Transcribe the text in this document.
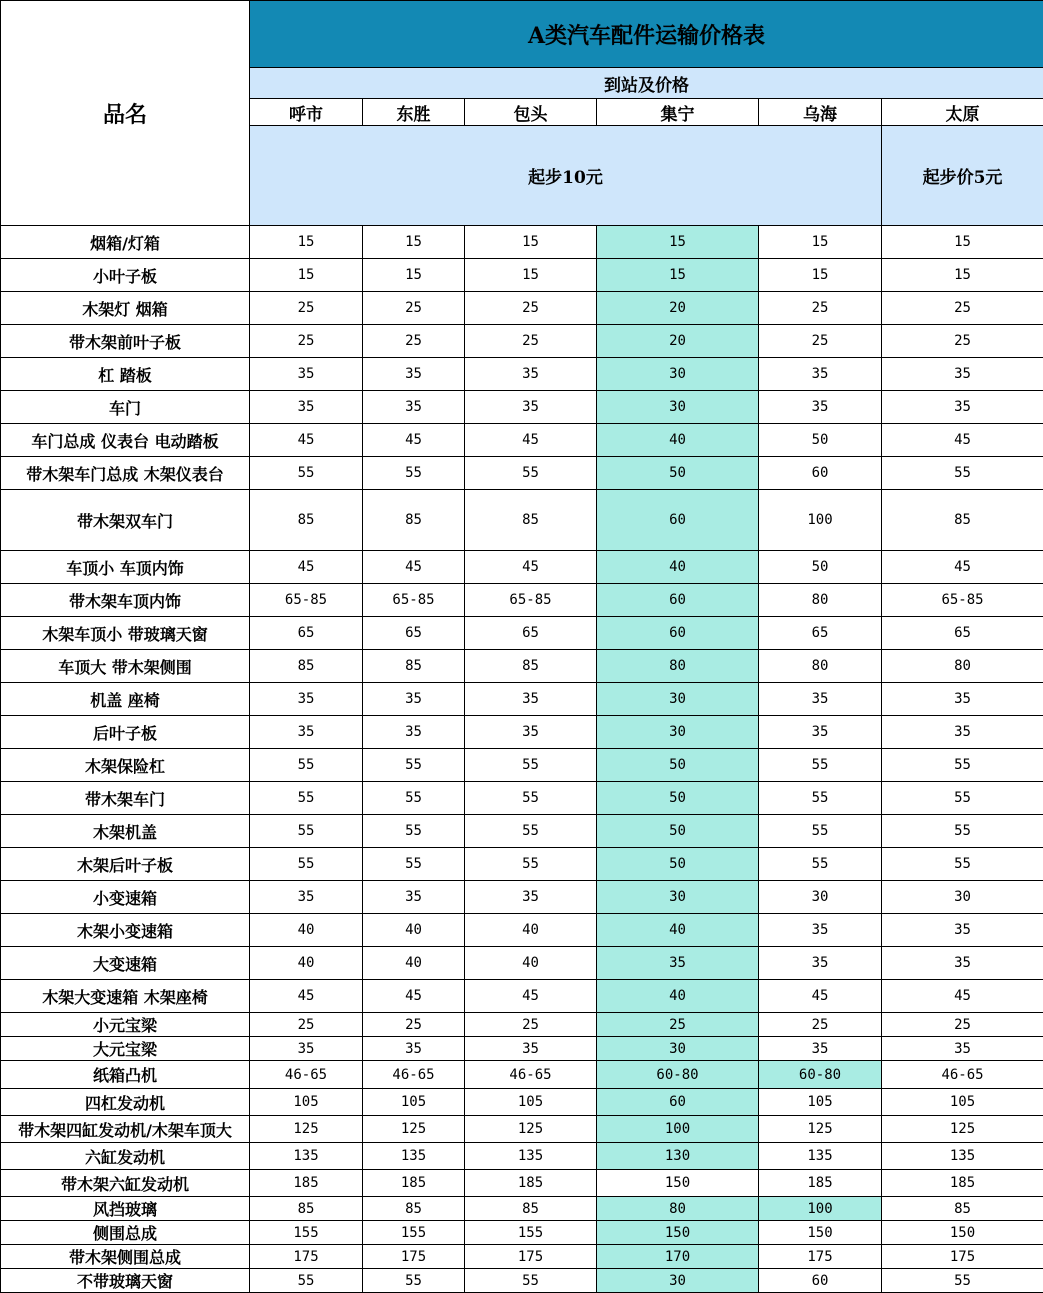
品名	A类汽车配件运输价格表					
	到站及价格					
	呼市	东胜	包头	集宁	乌海	太原
	起步10元					起步价5元
烟箱/灯箱	15	15	15	15	15	15
小叶子板	15	15	15	15	15	15
木架灯 烟箱	25	25	25	20	25	25
带木架前叶子板	25	25	25	20	25	25
杠 踏板	35	35	35	30	35	35
车门	35	35	35	30	35	35
车门总成 仪表台 电动踏板	45	45	45	40	50	45
带木架车门总成 木架仪表台	55	55	55	50	60	55
带木架双车门	85	85	85	60	100	85
车顶小 车顶内饰	45	45	45	40	50	45
带木架车顶内饰	65-85	65-85	65-85	60	80	65-85
木架车顶小 带玻璃天窗	65	65	65	60	65	65
车顶大 带木架侧围	85	85	85	80	80	80
机盖 座椅	35	35	35	30	35	35
后叶子板	35	35	35	30	35	35
木架保险杠	55	55	55	50	55	55
带木架车门	55	55	55	50	55	55
木架机盖	55	55	55	50	55	55
木架后叶子板	55	55	55	50	55	55
小变速箱	35	35	35	30	30	30
木架小变速箱	40	40	40	40	35	35
大变速箱	40	40	40	35	35	35
木架大变速箱 木架座椅	45	45	45	40	45	45
小元宝梁	25	25	25	25	25	25
大元宝梁	35	35	35	30	35	35
纸箱凸机	46-65	46-65	46-65	60-80	60-80	46-65
四杠发动机	105	105	105	60	105	105
带木架四缸发动机/木架车顶大	125	125	125	100	125	125
六缸发动机	135	135	135	130	135	135
带木架六缸发动机	185	185	185	150	185	185
风挡玻璃	85	85	85	80	100	85
侧围总成	155	155	155	150	150	150
带木架侧围总成	175	175	175	170	175	175
不带玻璃天窗	55	55	55	30	60	55
